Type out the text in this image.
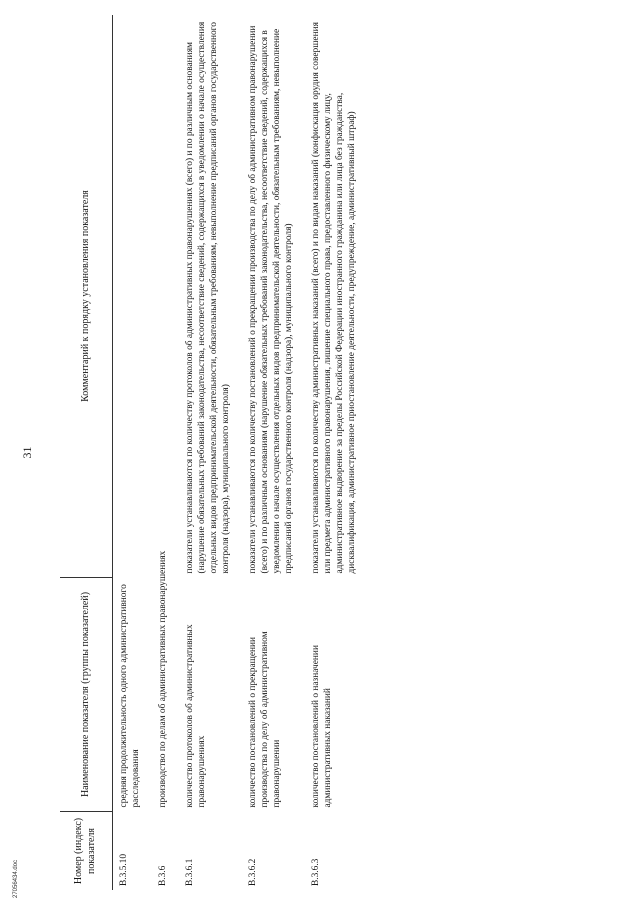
31
Номер (индекс) показателя	Наименование показателя (группы показателей)	Комментарий к порядку установления показателя
В.3.5.10	средняя продолжительность одного административного расследования	
В.3.6	производство по делам об административных правонарушениях	
В.3.6.1	количество протоколов об административных правонарушениях	показатели устанавливаются по количеству протоколов об административных правонарушениях (всего) и по различным основаниям (нарушение обязательных требований законодательства, несоответствие сведений, содержащихся в уведомлении о начале осуществления отдельных видов предпринимательской деятельности, обязательным требованиям, невыполнение предписаний органов государственного контроля (надзора), муниципального контроля)
В.3.6.2	количество постановлений о прекращении производства по делу об административном правонарушении	показатели устанавливаются по количеству постановлений о прекращении производства по делу об административном правонарушении (всего) и по различным основаниям (нарушение обязательных требований законодательства, несоответствие сведений, содержащихся в уведомлении о начале осуществления отдельных видов предпринимательской деятельности, обязательным требованиям, невыполнение предписаний органов государственного контроля (надзора), муниципального контроля)
В.3.6.3	количество постановлений о назначении административных наказаний	показатели устанавливаются по количеству административных наказаний (всего) и по видам наказаний (конфискация орудия совершения или предмета административного правонарушения, лишение специального права, предоставленного физическому лицу, административное выдворение за пределы Российской Федерации иностранного гражданина или лица без гражданства, дисквалификация, административное приостановление деятельности, предупреждение, административный штраф)
27056434.doc
